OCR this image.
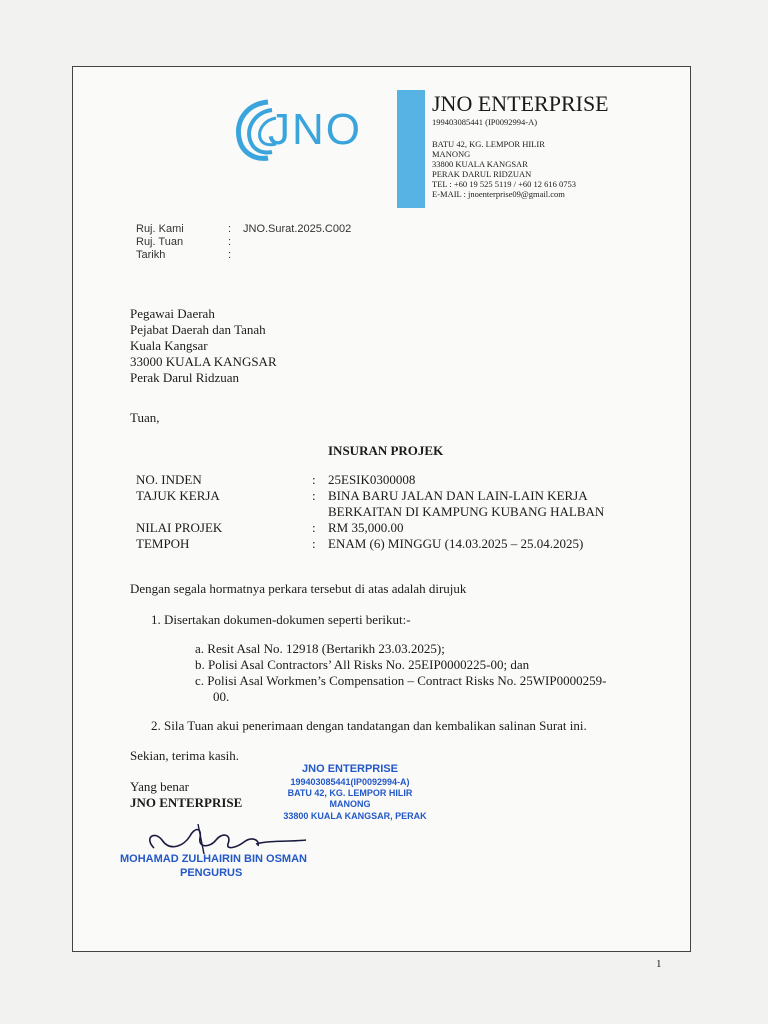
JNO
JNO ENTERPRISE
199403085441 (IP0092994-A)
BATU 42, KG. LEMPOR HILIR
MANONG
33800 KUALA KANGSAR
PERAK DARUL RIDZUAN
TEL : +60 19 525 5119 / +60 12 616 0753
E-MAIL : jnoenterprise09@gmail.com
Ruj. Kami	: JNO.Surat.2025.C002
Ruj. Tuan	:
Tarikh	:
Pegawai Daerah
Pejabat Daerah dan Tanah
Kuala Kangsar
33000 KUALA KANGSAR
Perak Darul Ridzuan
Tuan,
INSURAN PROJEK
NO. INDEN	: 25ESIK0300008
TAJUK KERJA	: BINA BARU JALAN DAN LAIN-LAIN KERJA
BERKAITAN DI KAMPUNG KUBANG HALBAN
NILAI PROJEK	: RM 35,000.00
TEMPOH	: ENAM (6) MINGGU (14.03.2025 – 25.04.2025)
Dengan segala hormatnya perkara tersebut di atas adalah dirujuk
1. Disertakan dokumen-dokumen seperti berikut:-
a. Resit Asal No. 12918 (Bertarikh 23.03.2025);
b. Polisi Asal Contractors’ All Risks No. 25EIP0000225-00; dan
c. Polisi Asal Workmen’s Compensation – Contract Risks No. 25WIP0000259-
00.
2. Sila Tuan akui penerimaan dengan tandatangan dan kembalikan salinan Surat ini.
Sekian, terima kasih.
Yang benar
JNO ENTERPRISE
JNO ENTERPRISE
199403085441(IP0092994-A)
BATU 42, KG. LEMPOR HILIR
MANONG
33800 KUALA KANGSAR, PERAK
MOHAMAD ZULHAIRIN BIN OSMAN
PENGURUS
1
